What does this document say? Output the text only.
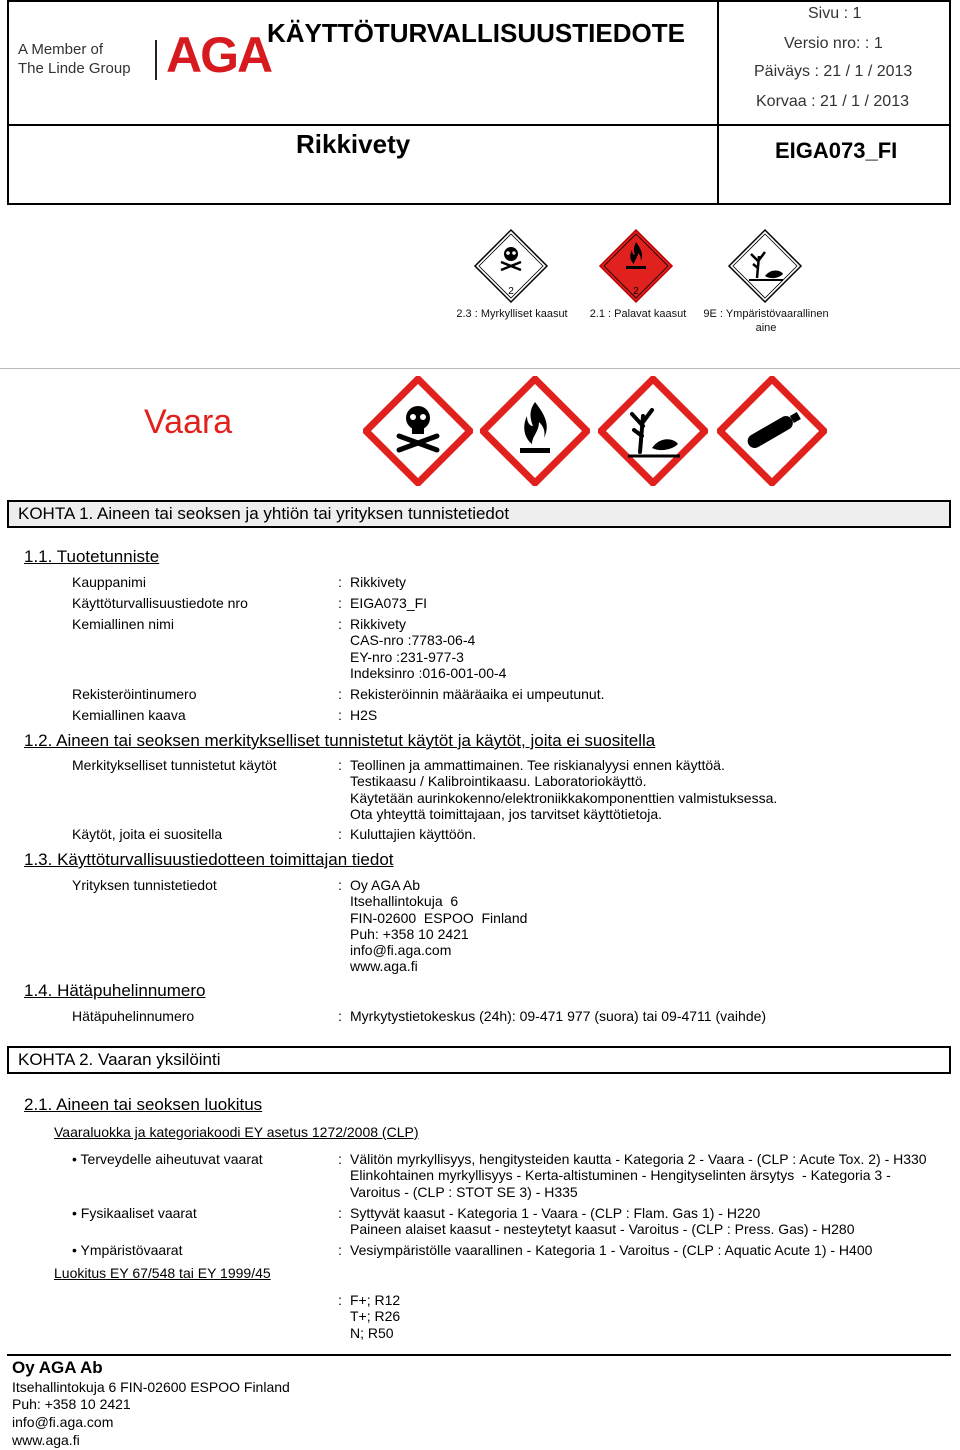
A Member of
The Linde Group AGA
KÄYTTÖTURVALLISUUSTIEDOTE
Rikkivety
Sivu : 1
Versio nro: : 1
Päiväys : 21 / 1 / 2013
Korvaa : 21 / 1 / 2013
EIGA073_FI
2	2
2.3 : Myrkylliset kaasut	2.1 : Palavat kaasut	9E : Ympäristövaarallinen
aine
Vaara
KOHTA 1. Aineen tai seoksen ja yhtiön tai yrityksen tunnistetiedot
1.1. Tuotetunniste
Kauppanimi	: Rikkivety
Käyttöturvallisuustiedote nro	: EIGA073_FI
Kemiallinen nimi	: Rikkivety
CAS-nro :7783-06-4
EY-nro :231-977-3
Indeksinro :016-001-00-4
Rekisteröintinumero	: Rekisteröinnin määräaika ei umpeutunut.
Kemiallinen kaava	: H2S
1.2. Aineen tai seoksen merkitykselliset tunnistetut käytöt ja käytöt, joita ei suositella
Merkitykselliset tunnistetut käytöt	: Teollinen ja ammattimainen. Tee riskianalyysi ennen käyttöä.
Testikaasu / Kalibrointikaasu. Laboratoriokäyttö.
Käytetään aurinkokenno/elektroniikkakomponenttien valmistuksessa.
Ota yhteyttä toimittajaan, jos tarvitset käyttötietoja.
Käytöt, joita ei suositella	: Kuluttajien käyttöön.
1.3. Käyttöturvallisuustiedotteen toimittajan tiedot
Yrityksen tunnistetiedot	: Oy AGA Ab
Itsehallintokuja  6
FIN-02600  ESPOO  Finland
Puh: +358 10 2421
info@fi.aga.com
www.aga.fi
1.4. Hätäpuhelinnumero
Hätäpuhelinnumero	: Myrkytystietokeskus (24h): 09-471 977 (suora) tai 09-4711 (vaihde)
KOHTA 2. Vaaran yksilöinti
2.1. Aineen tai seoksen luokitus
Vaaraluokka ja kategoriakoodi EY asetus 1272/2008 (CLP)
• Terveydelle aiheutuvat vaarat	: Välitön myrkyllisyys, hengitysteiden kautta - Kategoria 2 - Vaara - (CLP : Acute Tox. 2) - H330
Elinkohtainen myrkyllisyys - Kerta-altistuminen - Hengityselinten ärsytys  - Kategoria 3 -
Varoitus - (CLP : STOT SE 3) - H335
• Fysikaaliset vaarat	: Syttyvät kaasut - Kategoria 1 - Vaara - (CLP : Flam. Gas 1) - H220
Paineen alaiset kaasut - nesteytetyt kaasut - Varoitus - (CLP : Press. Gas) - H280
• Ympäristövaarat	: Vesiympäristölle vaarallinen - Kategoria 1 - Varoitus - (CLP : Aquatic Acute 1) - H400
Luokitus EY 67/548 tai EY 1999/45
: F+; R12
T+; R26
N; R50
Oy AGA Ab
Itsehallintokuja 6 FIN-02600 ESPOO Finland
Puh: +358 10 2421
info@fi.aga.com
www.aga.fi
